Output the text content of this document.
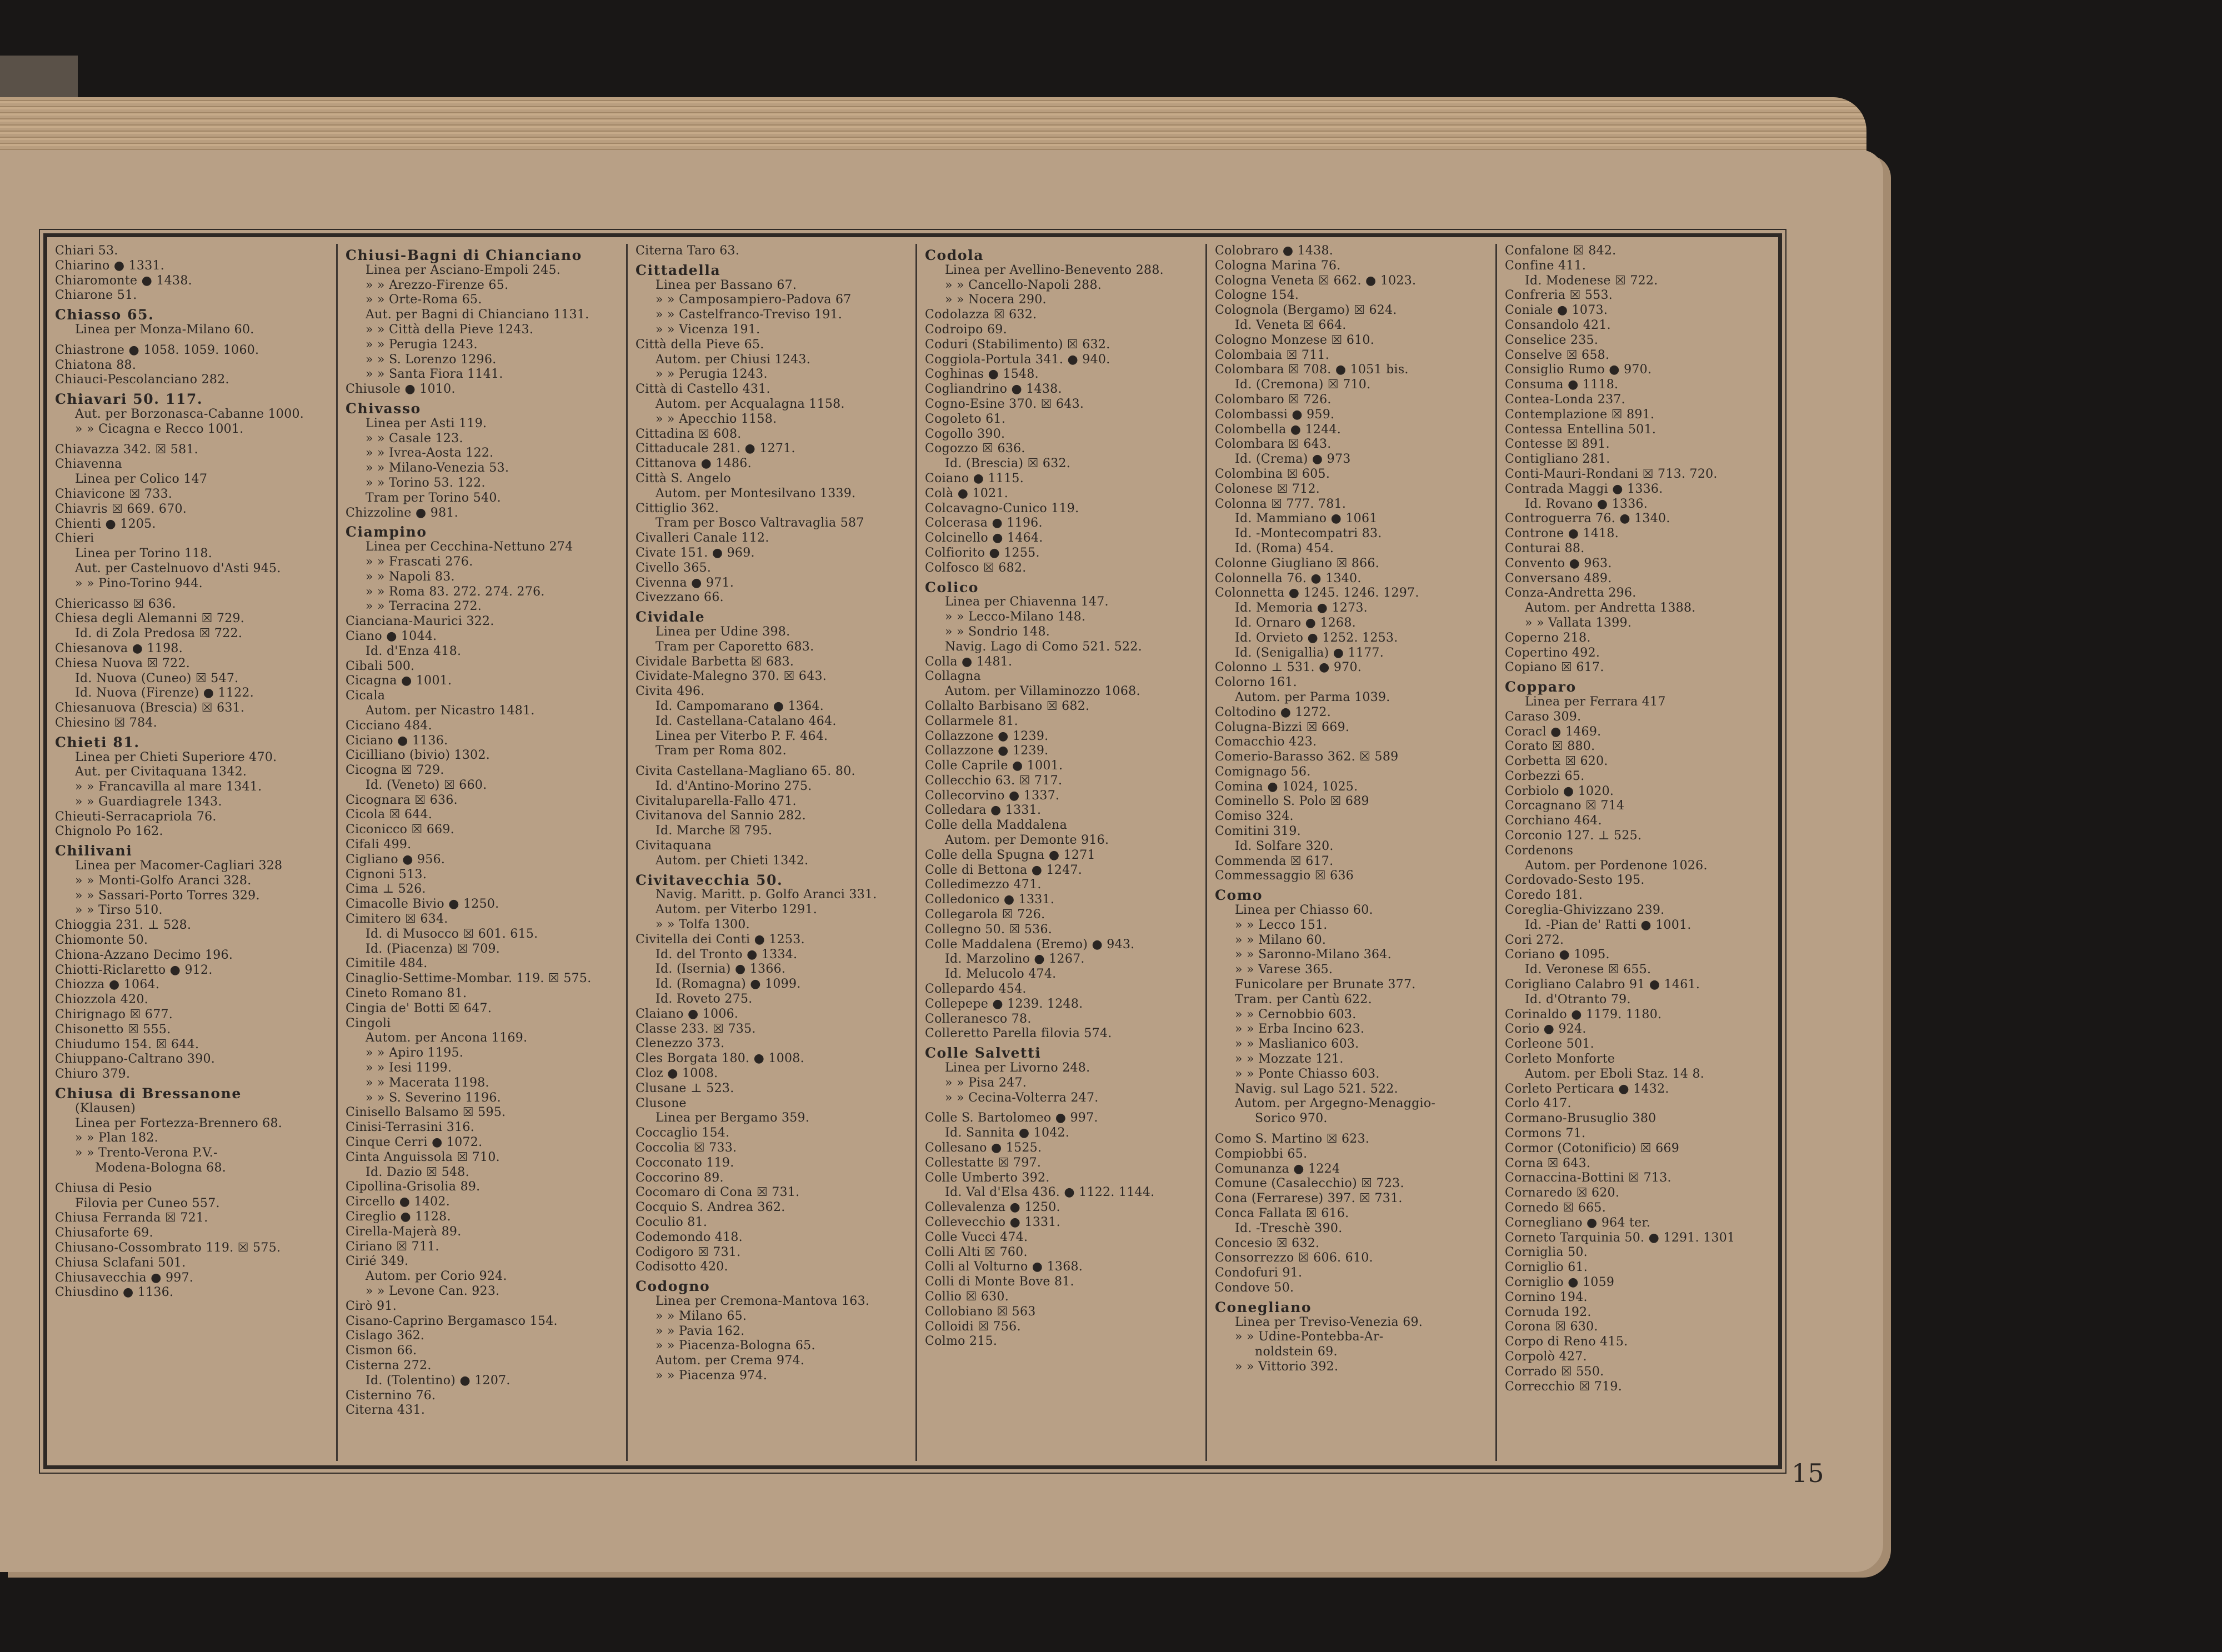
Chiari 53.
Chiarino ● 1331.
Chiaromonte ● 1438.
Chiarone 51.
Chiasso 65.
Linea per Monza-Milano 60.
Chiastrone ● 1058. 1059. 1060.
Chiatona 88.
Chiauci-Pescolanciano 282.
Chiavari 50. 117.
Aut. per Borzonasca-Cabanne 1000.
» » Cicagna e Recco 1001.
Chiavazza 342. ☒ 581.
Chiavenna
Linea per Colico 147
Chiavicone ☒ 733.
Chiavris ☒ 669. 670.
Chienti ● 1205.
Chieri
Linea per Torino 118.
Aut. per Castelnuovo d'Asti 945.
» » Pino-Torino 944.
Chiericasso ☒ 636.
Chiesa degli Alemanni ☒ 729.
Id. di Zola Predosa ☒ 722.
Chiesanova ● 1198.
Chiesa Nuova ☒ 722.
Id. Nuova (Cuneo) ☒ 547.
Id. Nuova (Firenze) ● 1122.
Chiesanuova (Brescia) ☒ 631.
Chiesino ☒ 784.
Chieti 81.
Linea per Chieti Superiore 470.
Aut. per Civitaquana 1342.
» » Francavilla al mare 1341.
» » Guardiagrele 1343.
Chieuti-Serracapriola 76.
Chignolo Po 162.
Chilivani
Linea per Macomer-Cagliari 328
» » Monti-Golfo Aranci 328.
» » Sassari-Porto Torres 329.
» » Tirso 510.
Chioggia 231. ⊥ 528.
Chiomonte 50.
Chiona-Azzano Decimo 196.
Chiotti-Riclaretto ● 912.
Chiozza ● 1064.
Chiozzola 420.
Chirignago ☒ 677.
Chisonetto ☒ 555.
Chiudumo 154. ☒ 644.
Chiuppano-Caltrano 390.
Chiuro 379.
Chiusa di Bressanone
(Klausen)
Linea per Fortezza-Brennero 68.
» » Plan 182.
» » Trento-Verona P.V.-
Modena-Bologna 68.
Chiusa di Pesio
Filovia per Cuneo 557.
Chiusa Ferranda ☒ 721.
Chiusaforte 69.
Chiusano-Cossombrato 119. ☒ 575.
Chiusa Sclafani 501.
Chiusavecchia ● 997.
Chiusdino ● 1136.
Chiusi-Bagni di Chianciano
Linea per Asciano-Empoli 245.
» » Arezzo-Firenze 65.
» » Orte-Roma 65.
Aut. per Bagni di Chianciano 1131.
» » Città della Pieve 1243.
» » Perugia 1243.
» » S. Lorenzo 1296.
» » Santa Fiora 1141.
Chiusole ● 1010.
Chivasso
Linea per Asti 119.
» » Casale 123.
» » Ivrea-Aosta 122.
» » Milano-Venezia 53.
» » Torino 53. 122.
Tram per Torino 540.
Chizzoline ● 981.
Ciampino
Linea per Cecchina-Nettuno 274
» » Frascati 276.
» » Napoli 83.
» » Roma 83. 272. 274. 276.
» » Terracina 272.
Cianciana-Maurici 322.
Ciano ● 1044.
Id. d'Enza 418.
Cibali 500.
Cicagna ● 1001.
Cicala
Autom. per Nicastro 1481.
Cicciano 484.
Ciciano ● 1136.
Cicilliano (bivio) 1302.
Cicogna ☒ 729.
Id. (Veneto) ☒ 660.
Cicognara ☒ 636.
Cicola ☒ 644.
Ciconicco ☒ 669.
Cifali 499.
Cigliano ● 956.
Cignoni 513.
Cima ⊥ 526.
Cimacolle Bivio ● 1250.
Cimitero ☒ 634.
Id. di Musocco ☒ 601. 615.
Id. (Piacenza) ☒ 709.
Cimitile 484.
Cinaglio-Settime-Mombar. 119. ☒ 575.
Cineto Romano 81.
Cingia de' Botti ☒ 647.
Cingoli
Autom. per Ancona 1169.
» » Apiro 1195.
» » Iesi 1199.
» » Macerata 1198.
» » S. Severino 1196.
Cinisello Balsamo ☒ 595.
Cinisi-Terrasini 316.
Cinque Cerri ● 1072.
Cinta Anguissola ☒ 710.
Id. Dazio ☒ 548.
Cipollina-Grisolia 89.
Circello ● 1402.
Cireglio ● 1128.
Cirella-Majerà 89.
Ciriano ☒ 711.
Cirié 349.
Autom. per Corio 924.
» » Levone Can. 923.
Cirò 91.
Cisano-Caprino Bergamasco 154.
Cislago 362.
Cismon 66.
Cisterna 272.
Id. (Tolentino) ● 1207.
Cisternino 76.
Citerna 431.
Citerna Taro 63.
Cittadella
Linea per Bassano 67.
» » Camposampiero-Padova 67
» » Castelfranco-Treviso 191.
» » Vicenza 191.
Città della Pieve 65.
Autom. per Chiusi 1243.
» » Perugia 1243.
Città di Castello 431.
Autom. per Acqualagna 1158.
» » Apecchio 1158.
Cittadina ☒ 608.
Cittaducale 281. ● 1271.
Cittanova ● 1486.
Città S. Angelo
Autom. per Montesilvano 1339.
Cittiglio 362.
Tram per Bosco Valtravaglia 587
Civalleri Canale 112.
Civate 151. ● 969.
Civello 365.
Civenna ● 971.
Civezzano 66.
Cividale
Linea per Udine 398.
Tram per Caporetto 683.
Cividale Barbetta ☒ 683.
Cividate-Malegno 370. ☒ 643.
Civita 496.
Id. Campomarano ● 1364.
Id. Castellana-Catalano 464.
Linea per Viterbo P. F. 464.
Tram per Roma 802.
Civita Castellana-Magliano 65. 80.
Id. d'Antino-Morino 275.
Civitaluparella-Fallo 471.
Civitanova del Sannio 282.
Id. Marche ☒ 795.
Civitaquana
Autom. per Chieti 1342.
Civitavecchia 50.
Navig. Maritt. p. Golfo Aranci 331.
Autom. per Viterbo 1291.
» » Tolfa 1300.
Civitella dei Conti ● 1253.
Id. del Tronto ● 1334.
Id. (Isernia) ● 1366.
Id. (Romagna) ● 1099.
Id. Roveto 275.
Claiano ● 1006.
Classe 233. ☒ 735.
Clenezzo 373.
Cles Borgata 180. ● 1008.
Cloz ● 1008.
Clusane ⊥ 523.
Clusone
Linea per Bergamo 359.
Coccaglio 154.
Coccolia ☒ 733.
Cocconato 119.
Coccorino 89.
Cocomaro di Cona ☒ 731.
Cocquio S. Andrea 362.
Coculio 81.
Codemondo 418.
Codigoro ☒ 731.
Codisotto 420.
Codogno
Linea per Cremona-Mantova 163.
» » Milano 65.
» » Pavia 162.
» » Piacenza-Bologna 65.
Autom. per Crema 974.
» » Piacenza 974.
Codola
Linea per Avellino-Benevento 288.
» » Cancello-Napoli 288.
» » Nocera 290.
Codolazza ☒ 632.
Codroipo 69.
Coduri (Stabilimento) ☒ 632.
Coggiola-Portula 341. ● 940.
Coghinas ● 1548.
Cogliandrino ● 1438.
Cogno-Esine 370. ☒ 643.
Cogoleto 61.
Cogollo 390.
Cogozzo ☒ 636.
Id. (Brescia) ☒ 632.
Coiano ● 1115.
Colà ● 1021.
Colcavagno-Cunico 119.
Colcerasa ● 1196.
Colcinello ● 1464.
Colfiorito ● 1255.
Colfosco ☒ 682.
Colico
Linea per Chiavenna 147.
» » Lecco-Milano 148.
» » Sondrio 148.
Navig. Lago di Como 521. 522.
Colla ● 1481.
Collagna
Autom. per Villaminozzo 1068.
Collalto Barbisano ☒ 682.
Collarmele 81.
Collazzone ● 1239.
Collazzone ● 1239.
Colle Caprile ● 1001.
Collecchio 63. ☒ 717.
Collecorvino ● 1337.
Colledara ● 1331.
Colle della Maddalena
Autom. per Demonte 916.
Colle della Spugna ● 1271
Colle di Bettona ● 1247.
Colledimezzo 471.
Colledonico ● 1331.
Collegarola ☒ 726.
Collegno 50. ☒ 536.
Colle Maddalena (Eremo) ● 943.
Id. Marzolino ● 1267.
Id. Melucolo 474.
Collepardo 454.
Collepepe ● 1239. 1248.
Colleranesco 78.
Colleretto Parella filovia 574.
Colle Salvetti
Linea per Livorno 248.
» » Pisa 247.
» » Cecina-Volterra 247.
Colle S. Bartolomeo ● 997.
Id. Sannita ● 1042.
Collesano ● 1525.
Collestatte ☒ 797.
Colle Umberto 392.
Id. Val d'Elsa 436. ● 1122. 1144.
Collevalenza ● 1250.
Collevecchio ● 1331.
Colle Vucci 474.
Colli Alti ☒ 760.
Colli al Volturno ● 1368.
Colli di Monte Bove 81.
Collio ☒ 630.
Collobiano ☒ 563
Colloidi ☒ 756.
Colmo 215.
Colobraro ● 1438.
Cologna Marina 76.
Cologna Veneta ☒ 662. ● 1023.
Cologne 154.
Colognola (Bergamo) ☒ 624.
Id. Veneta ☒ 664.
Cologno Monzese ☒ 610.
Colombaia ☒ 711.
Colombara ☒ 708. ● 1051 bis.
Id. (Cremona) ☒ 710.
Colombaro ☒ 726.
Colombassi ● 959.
Colombella ● 1244.
Colombara ☒ 643.
Id. (Crema) ● 973
Colombina ☒ 605.
Colonese ☒ 712.
Colonna ☒ 777. 781.
Id. Mammiano ● 1061
Id. -Montecompatri 83.
Id. (Roma) 454.
Colonne Giugliano ☒ 866.
Colonnella 76. ● 1340.
Colonnetta ● 1245. 1246. 1297.
Id. Memoria ● 1273.
Id. Ornaro ● 1268.
Id. Orvieto ● 1252. 1253.
Id. (Senigallia) ● 1177.
Colonno ⊥ 531. ● 970.
Colorno 161.
Autom. per Parma 1039.
Coltodino ● 1272.
Colugna-Bizzi ☒ 669.
Comacchio 423.
Comerio-Barasso 362. ☒ 589
Comignago 56.
Comina ● 1024, 1025.
Cominello S. Polo ☒ 689
Comiso 324.
Comitini 319.
Id. Solfare 320.
Commenda ☒ 617.
Commessaggio ☒ 636
Como
Linea per Chiasso 60.
» » Lecco 151.
» » Milano 60.
» » Saronno-Milano 364.
» » Varese 365.
Funicolare per Brunate 377.
Tram. per Cantù 622.
» » Cernobbio 603.
» » Erba Incino 623.
» » Maslianico 603.
» » Mozzate 121.
» » Ponte Chiasso 603.
Navig. sul Lago 521. 522.
Autom. per Argegno-Menaggio-
Sorico 970.
Como S. Martino ☒ 623.
Compiobbi 65.
Comunanza ● 1224
Comune (Casalecchio) ☒ 723.
Cona (Ferrarese) 397. ☒ 731.
Conca Fallata ☒ 616.
Id. -Treschè 390.
Concesio ☒ 632.
Consorrezzo ☒ 606. 610.
Condofuri 91.
Condove 50.
Conegliano
Linea per Treviso-Venezia 69.
» » Udine-Pontebba-Ar-
noldstein 69.
» » Vittorio 392.
Confalone ☒ 842.
Confine 411.
Id. Modenese ☒ 722.
Confreria ☒ 553.
Coniale ● 1073.
Consandolo 421.
Conselice 235.
Conselve ☒ 658.
Consiglio Rumo ● 970.
Consuma ● 1118.
Contea-Londa 237.
Contemplazione ☒ 891.
Contessa Entellina 501.
Contesse ☒ 891.
Contigliano 281.
Conti-Mauri-Rondani ☒ 713. 720.
Contrada Maggi ● 1336.
Id. Rovano ● 1336.
Controguerra 76. ● 1340.
Controne ● 1418.
Conturai 88.
Convento ● 963.
Conversano 489.
Conza-Andretta 296.
Autom. per Andretta 1388.
» » Vallata 1399.
Coperno 218.
Copertino 492.
Copiano ☒ 617.
Copparo
Linea per Ferrara 417
Caraso 309.
Coracl ● 1469.
Corato ☒ 880.
Corbetta ☒ 620.
Corbezzi 65.
Corbiolo ● 1020.
Corcagnano ☒ 714
Corchiano 464.
Corconio 127. ⊥ 525.
Cordenons
Autom. per Pordenone 1026.
Cordovado-Sesto 195.
Coredo 181.
Coreglia-Ghivizzano 239.
Id. -Pian de' Ratti ● 1001.
Cori 272.
Coriano ● 1095.
Id. Veronese ☒ 655.
Corigliano Calabro 91 ● 1461.
Id. d'Otranto 79.
Corinaldo ● 1179. 1180.
Corio ● 924.
Corleone 501.
Corleto Monforte
Autom. per Eboli Staz. 14 8.
Corleto Perticara ● 1432.
Corlo 417.
Cormano-Brusuglio 380
Cormons 71.
Cormor (Cotonificio) ☒ 669
Corna ☒ 643.
Cornaccina-Bottini ☒ 713.
Cornaredo ☒ 620.
Cornedo ☒ 665.
Cornegliano ● 964 ter.
Corneto Tarquinia 50. ● 1291. 1301
Corniglia 50.
Corniglio 61.
Corniglio ● 1059
Cornino 194.
Cornuda 192.
Corona ☒ 630.
Corpo di Reno 415.
Corpolò 427.
Corrado ☒ 550.
Correcchio ☒ 719.
15
